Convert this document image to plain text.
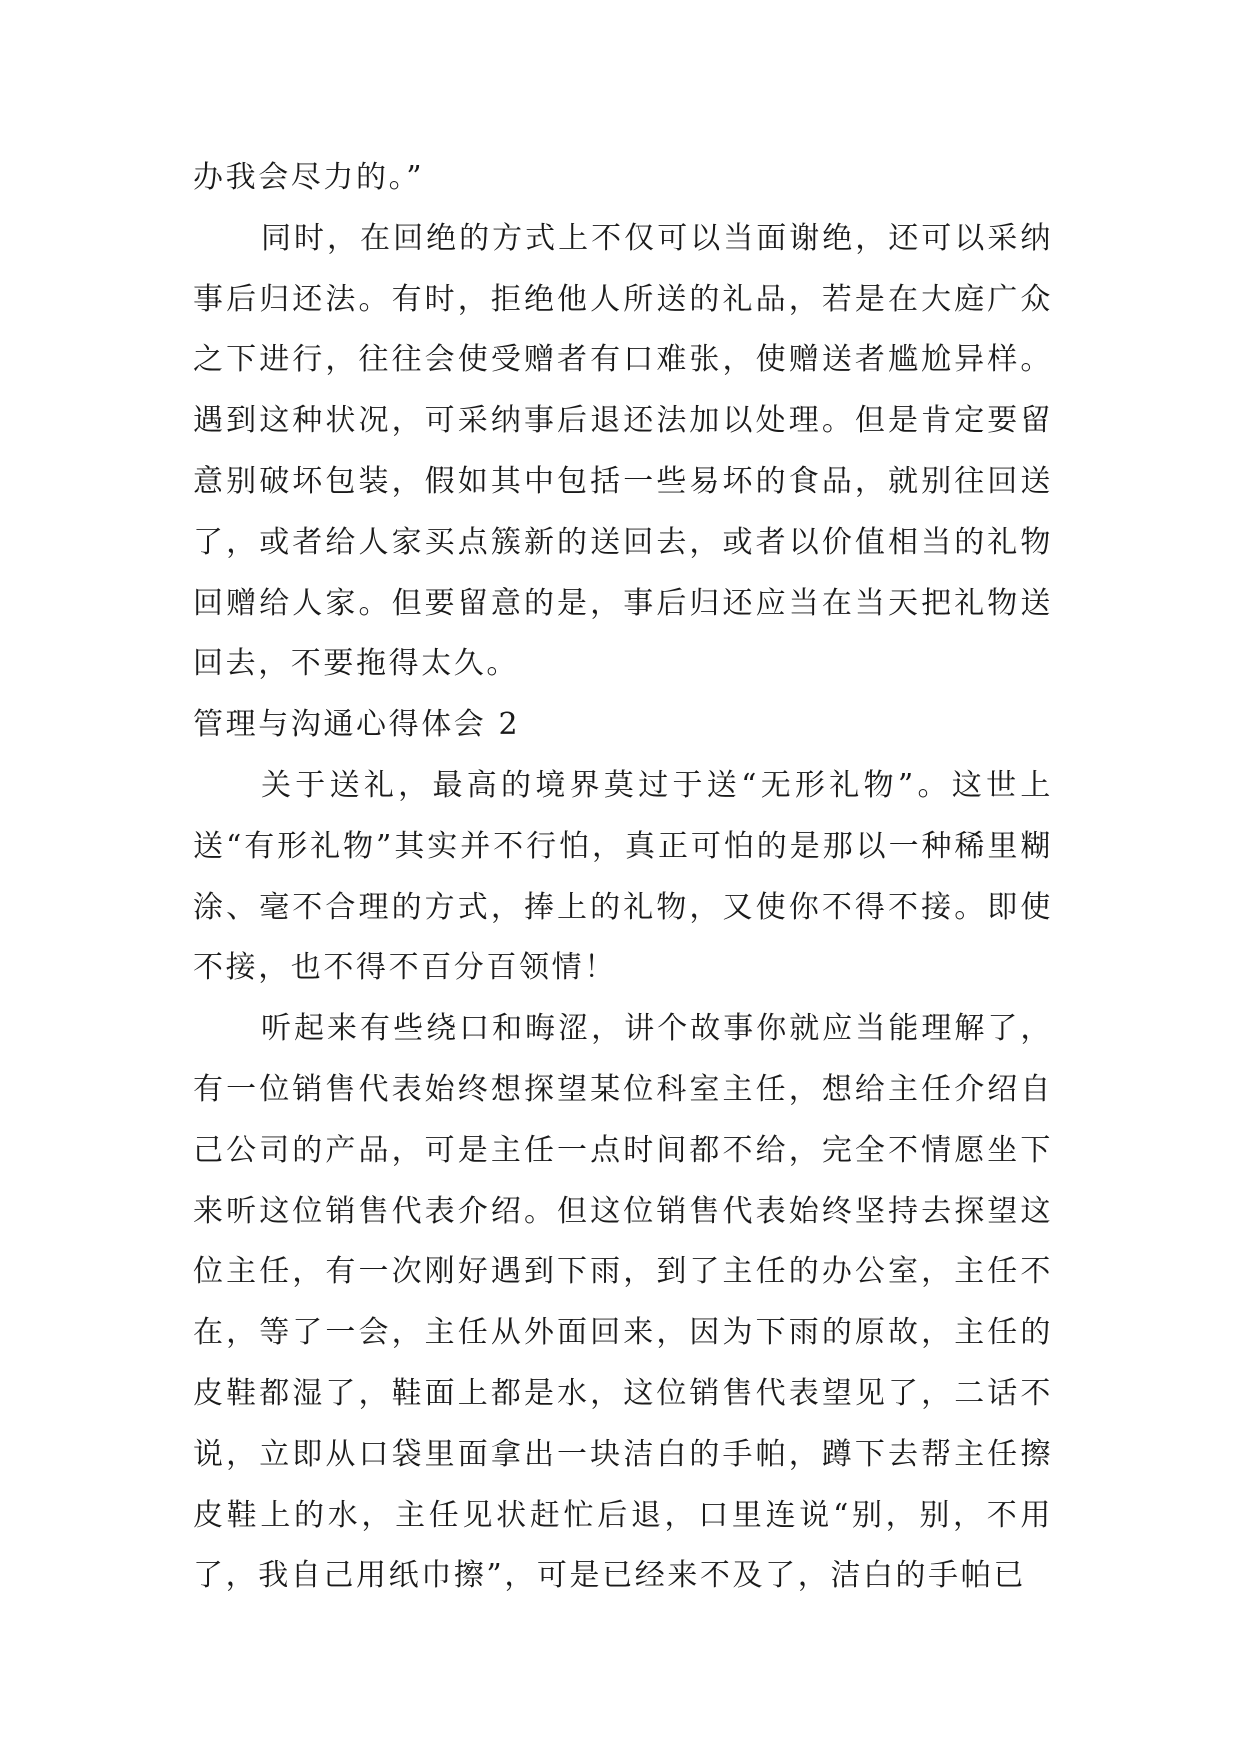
办我会尽力的。”

同时，在回绝的方式上不仅可以当面谢绝，还可以采纳事后归还法。有时，拒绝他人所送的礼品，若是在大庭广众之下进行，往往会使受赠者有口难张，使赠送者尴尬异样。遇到这种状况，可采纳事后退还法加以处理。但是肯定要留意别破坏包装，假如其中包括一些易坏的食品，就别往回送了，或者给人家买点簇新的送回去，或者以价值相当的礼物回赠给人家。但要留意的是，事后归还应当在当天把礼物送回去，不要拖得太久。

管理与沟通心得体会 2

关于送礼，最高的境界莫过于送“无形礼物”。这世上送“有形礼物”其实并不行怕，真正可怕的是那以一种稀里糊涂、毫不合理的方式，捧上的礼物，又使你不得不接。即使不接，也不得不百分百领情！

听起来有些绕口和晦涩，讲个故事你就应当能理解了，有一位销售代表始终想探望某位科室主任，想给主任介绍自己公司的产品，可是主任一点时间都不给，完全不情愿坐下来听这位销售代表介绍。但这位销售代表始终坚持去探望这位主任，有一次刚好遇到下雨，到了主任的办公室，主任不在，等了一会，主任从外面回来，因为下雨的原故，主任的皮鞋都湿了，鞋面上都是水，这位销售代表望见了，二话不说，立即从口袋里面拿出一块洁白的手帕，蹲下去帮主任擦皮鞋上的水，主任见状赶忙后退，口里连说“别，别，不用了，我自己用纸巾擦”，可是已经来不及了，洁白的手帕已
